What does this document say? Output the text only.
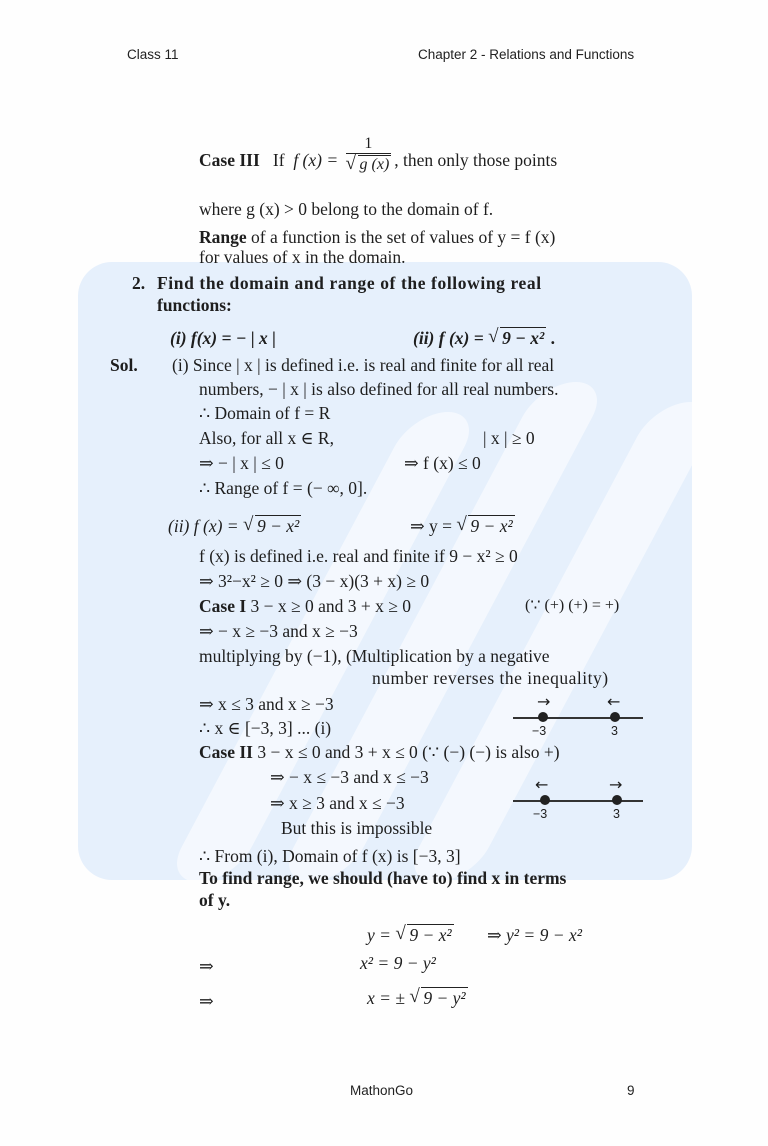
Class 11	Chapter 2 - Relations and Functions
Case III If f (x) = 1
√ g (x) , then only those points
where g (x) > 0 belong to the domain of f.
Range of a function is the set of values of y = f (x)
for values of x in the domain.
2. Find the domain and range of the following real
functions:
(i) f(x) = − | x |	(ii) f (x) = √ 9 − x² .
Sol. (i) Since | x | is defined i.e. is real and finite for all real
numbers, − | x | is also defined for all real numbers.
∴ Domain of f = R
Also, for all x ∈ R,	| x | ≥ 0
⇒ − | x | ≤ 0	⇒ f (x) ≤ 0
∴ Range of f = (− ∞, 0].
(ii) f (x) = √ 9 − x²	⇒ y = √ 9 − x²
f (x) is defined i.e. real and finite if 9 − x² ≥ 0
⇒ 3²−x² ≥ 0 ⇒ (3 − x)(3 + x) ≥ 0
Case I 3 − x ≥ 0 and 3 + x ≥ 0	(∵ (+) (+) = +)
⇒ − x ≥ −3 and x ≥ −3
multiplying by (−1), (Multiplication by a negative
number reverses the inequality)
⇒ x ≤ 3 and x ≥ −3
∴ x ∈ [−3, 3] ... (i)
→	←
−3	3
Case II 3 − x ≤ 0 and 3 + x ≤ 0 (∵ (−) (−) is also +)
⇒ − x ≤ −3 and x ≤ −3
⇒ x ≥ 3 and x ≤ −3
But this is impossible
←	→
−3	3
∴ From (i), Domain of f (x) is [−3, 3]
To find range, we should (have to) find x in terms
of y.
y = √ 9 − x² ⇒ y² = 9 − x²
⇒	x² = 9 − y²
⇒	x = ± √ 9 − y²
MathonGo	9
